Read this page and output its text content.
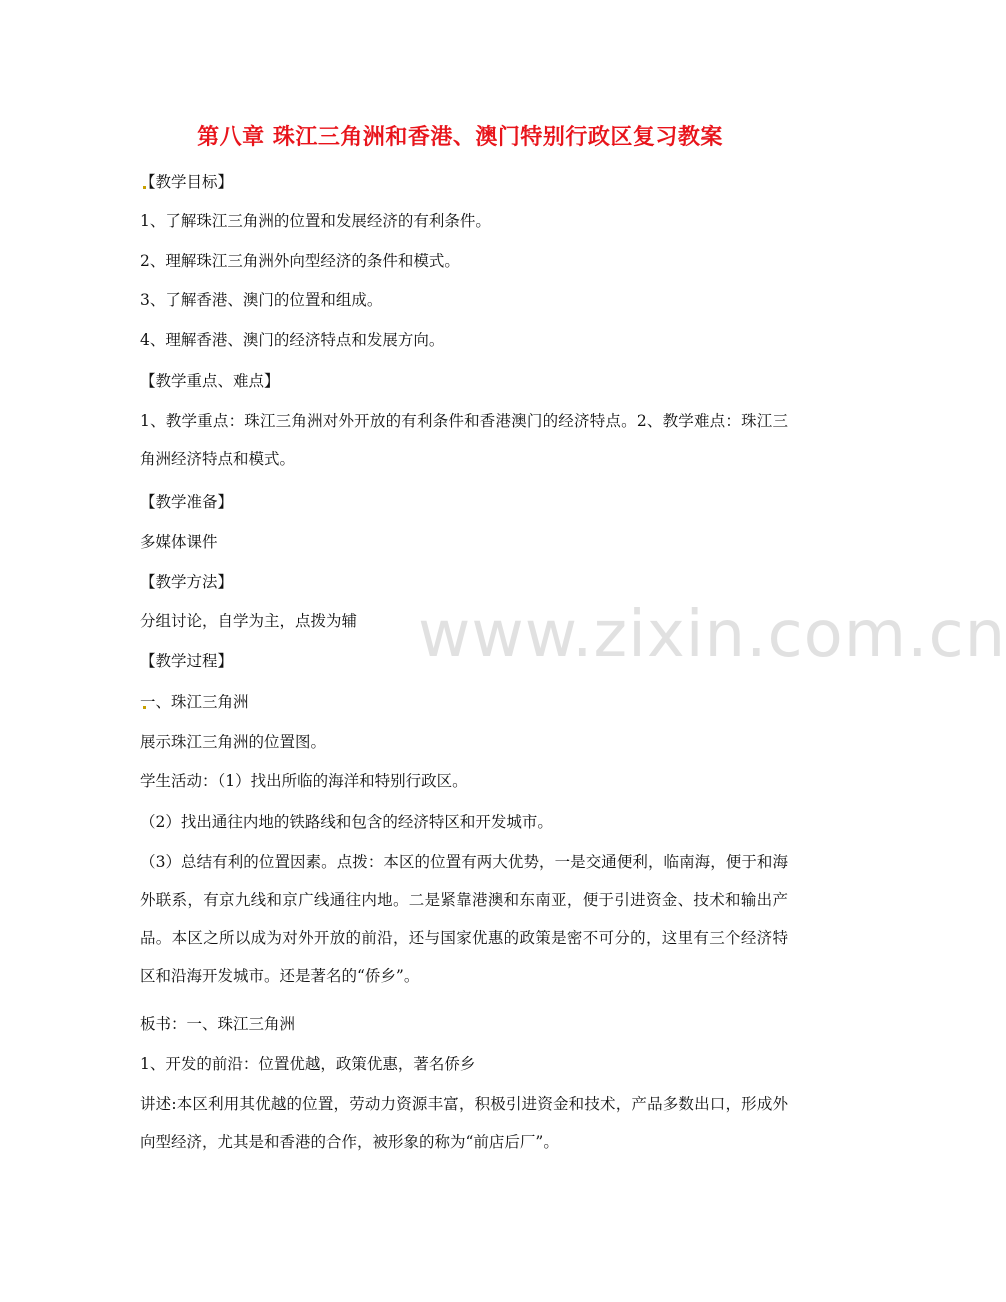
第八章 珠江三角洲和香港、澳门特别行政区复习教案
【教学目标】
1、了解珠江三角洲的位置和发展经济的有利条件。
2、理解珠江三角洲外向型经济的条件和模式。
3、了解香港、澳门的位置和组成。
4、理解香港、澳门的经济特点和发展方向。
【教学重点、难点】
1、教学重点：珠江三角洲对外开放的有利条件和香港澳门的经济特点。2、教学难点：珠江三角洲经济特点和模式。
【教学准备】
多媒体课件
【教学方法】
分组讨论，自学为主，点拨为辅
【教学过程】
一、珠江三角洲
展示珠江三角洲的位置图。
学生活动：（1）找出所临的海洋和特别行政区。
（2）找出通往内地的铁路线和包含的经济特区和开发城市。
（3）总结有利的位置因素。点拨：本区的位置有两大优势，一是交通便利，临南海，便于和海外联系，有京九线和京广线通往内地。二是紧靠港澳和东南亚，便于引进资金、技术和输出产品。本区之所以成为对外开放的前沿，还与国家优惠的政策是密不可分的，这里有三个经济特区和沿海开发城市。还是著名的“侨乡”。
板书：一、珠江三角洲
1、开发的前沿：位置优越，政策优惠，著名侨乡
讲述:本区利用其优越的位置，劳动力资源丰富，积极引进资金和技术，产品多数出口，形成外向型经济，尤其是和香港的合作，被形象的称为“前店后厂”。
www.zixin.com.cn
